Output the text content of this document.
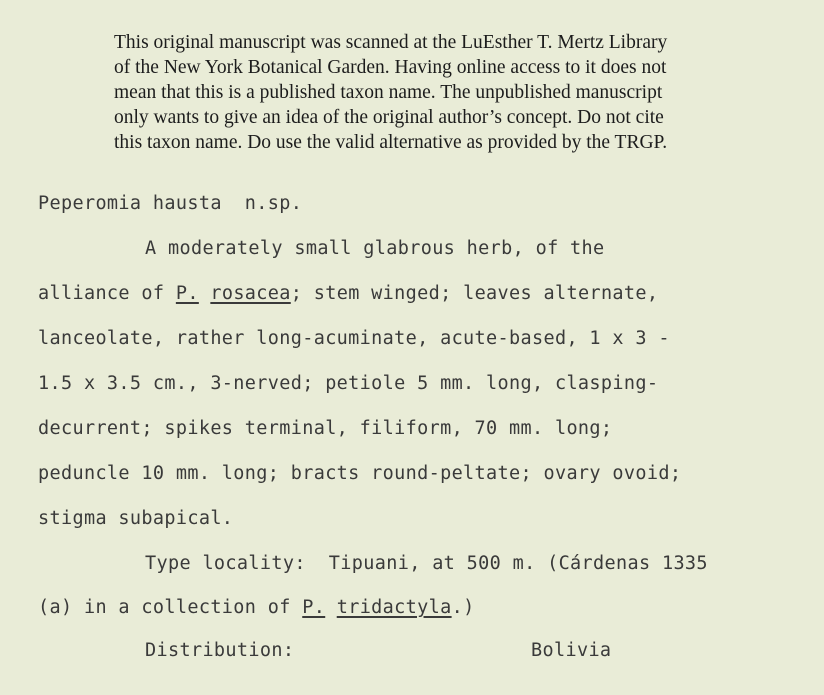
This original manuscript was scanned at the LuEsther T. Mertz Library
of the New York Botanical Garden. Having online access to it does not
mean that this is a published taxon name. The unpublished manuscript
only wants to give an idea of the original author’s concept. Do not cite
this taxon name. Do use the valid alternative as provided by the TRGP.
Peperomia hausta n.sp.
A moderately small glabrous herb, of the
alliance of P. rosacea; stem winged; leaves alternate,
lanceolate, rather long-acuminate, acute-based, 1 x 3 -
1.5 x 3.5 cm., 3-nerved; petiole 5 mm. long, clasping-
decurrent; spikes terminal, filiform, 70 mm. long;
peduncle 10 mm. long; bracts round-peltate; ovary ovoid;
stigma subapical.
Type locality:  Tipuani, at 500 m. (Cárdenas 1335
(a) in a collection of P. tridactyla.)
Distribution:	Bolivia
